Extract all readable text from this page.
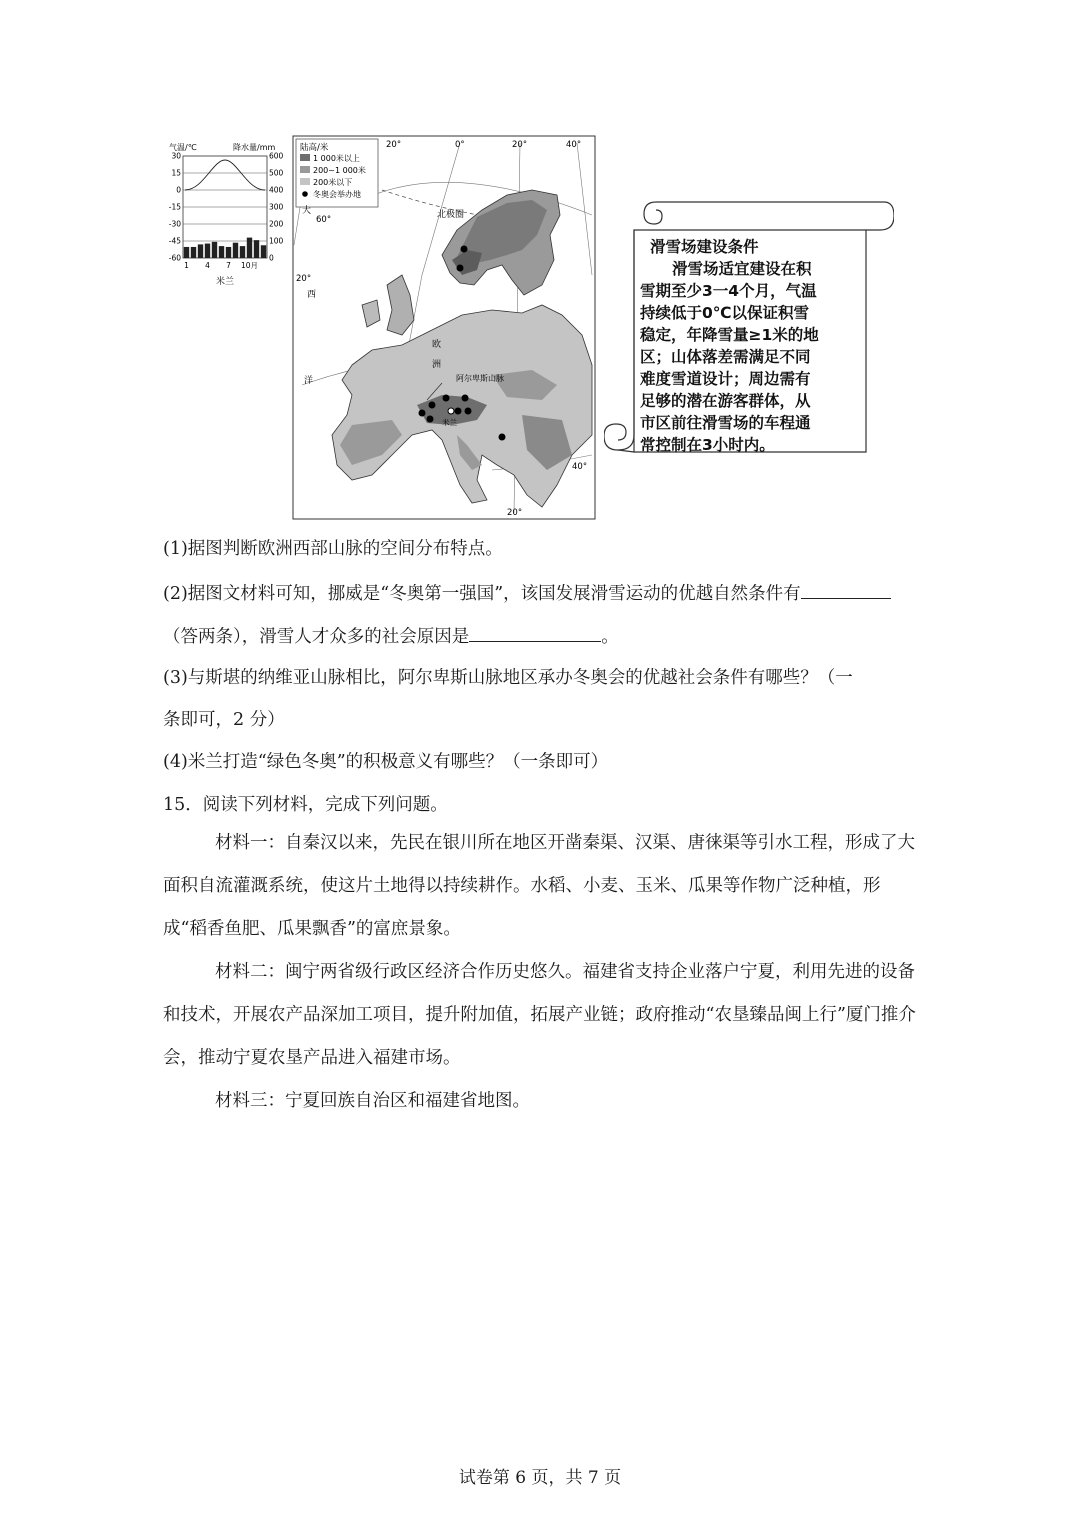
气温/℃	降水量/mm
30
15
0
-15
-30
-45
-60
600
500
400
300
200
100
0
1 4 7 10月
米兰
陆高/米
1 000米以上
200~1 000米
200米以下
冬奥会举办地
20°	0°	20°	40°
20°
60°
20°
40°
北极圈
大
西
洋
欧
洲
阿尔卑斯山脉
米兰
滑雪场建设条件
滑雪场适宜建设在积
雪期至少3一4个月，气温
持续低于0℃以保证积雪
稳定，年降雪量≥1米的地
区；山体落差需满足不同
难度雪道设计；周边需有
足够的潜在游客群体，从
市区前往滑雪场的车程通
常控制在3小时内。
(1)据图判断欧洲西部山脉的空间分布特点。
(2)据图文材料可知，挪威是“冬奥第一强国”，该国发展滑雪运动的优越自然条件有
（答两条），滑雪人才众多的社会原因是	。
(3)与斯堪的纳维亚山脉相比，阿尔卑斯山脉地区承办冬奥会的优越社会条件有哪些？（一
条即可，2 分）
(4)米兰打造“绿色冬奥”的积极意义有哪些？（一条即可）
15．阅读下列材料，完成下列问题。
材料一：自秦汉以来，先民在银川所在地区开凿秦渠、汉渠、唐徕渠等引水工程，形成了大面积自流灌溉系统，使这片土地得以持续耕作。水稻、小麦、玉米、瓜果等作物广泛种植，形成“稻香鱼肥、瓜果飘香”的富庶景象。
材料二：闽宁两省级行政区经济合作历史悠久。福建省支持企业落户宁夏，利用先进的设备和技术，开展农产品深加工项目，提升附加值，拓展产业链；政府推动“农垦臻品闽上行”厦门推介会，推动宁夏农垦产品进入福建市场。
材料三：宁夏回族自治区和福建省地图。
试卷第 6 页，共 7 页
